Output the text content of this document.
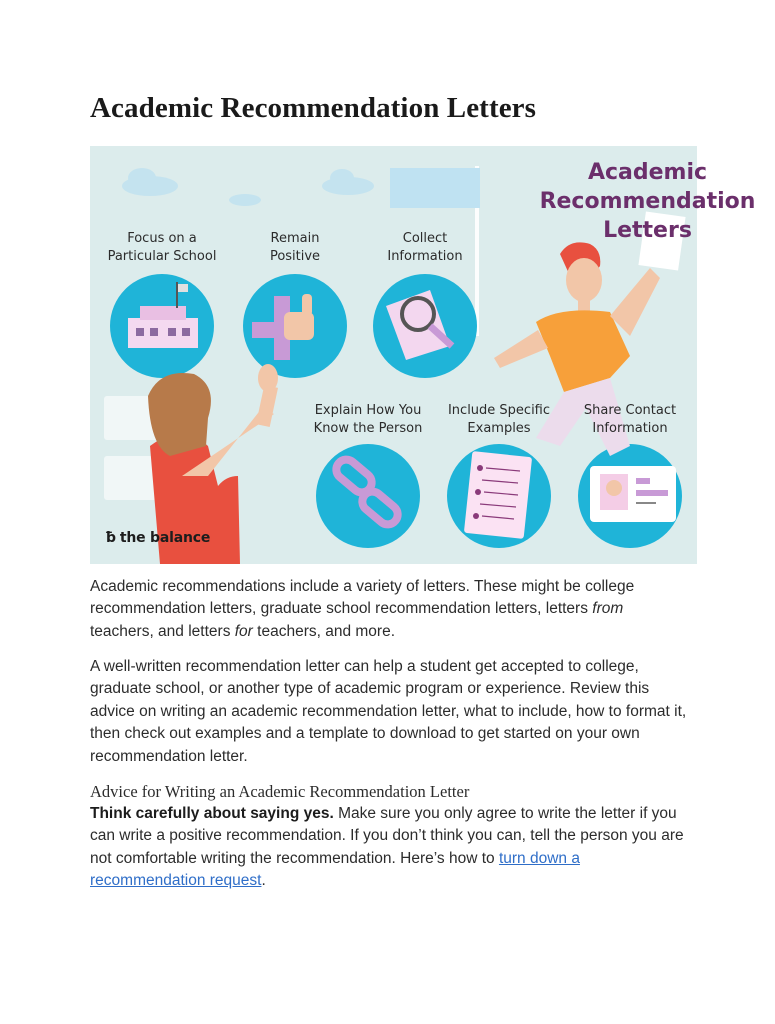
Academic Recommendation Letters
Academic
Recommendation
Letters
Focus on a
Particular School
Remain
Positive
Collect
Information
Explain How You
Know the Person
Include Specific
Examples
Share Contact
Information
ƀ the balance

Academic recommendations include a variety of letters. These might be college recommendation letters, graduate school recommendation letters, letters from teachers, and letters for teachers, and more.

A well-written recommendation letter can help a student get accepted to college, graduate school, or another type of academic program or experience. Review this advice on writing an academic recommendation letter, what to include, how to format it, then check out examples and a template to download to get started on your own recommendation letter.

Advice for Writing an Academic Recommendation Letter

Think carefully about saying yes. Make sure you only agree to write the letter if you can write a positive recommendation. If you don’t think you can, tell the person you are not comfortable writing the recommendation. Here’s how to turn down a recommendation request.
